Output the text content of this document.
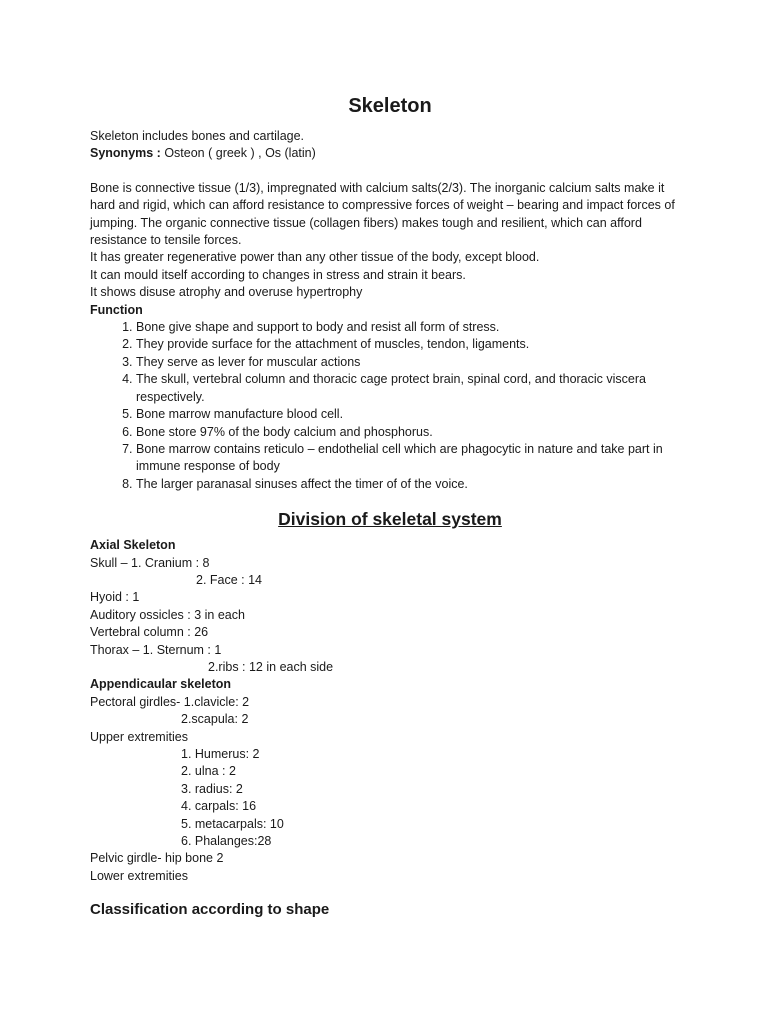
Skeleton

Skeleton includes bones and cartilage.

Synonyms : Osteon ( greek ) , Os (latin)

Bone is connective tissue (1/3), impregnated with calcium salts(2/3). The inorganic calcium salts make it hard and rigid, which can afford resistance to compressive forces of weight – bearing and impact forces of jumping. The organic connective tissue (collagen fibers) makes tough and resilient, which can afford resistance to tensile forces.

It has greater regenerative power than any other tissue of the body, except blood.

It can mould itself according to changes in stress and strain it bears.

It shows disuse atrophy and overuse hypertrophy

Function

1. Bone give shape and support to body and resist all form of stress.
2. They provide surface for the attachment of muscles, tendon, ligaments.
3. They serve as lever for muscular actions
4. The skull, vertebral column and thoracic cage protect brain, spinal cord, and thoracic viscera respectively.
5. Bone marrow manufacture blood cell.
6. Bone store 97% of the body calcium and phosphorus.
7. Bone marrow contains reticulo – endothelial cell which are phagocytic in nature and take part in immune response of body
8. The larger paranasal sinuses affect the timer of of the voice.
Division of skeletal system

Axial Skeleton

Skull – 1. Cranium : 8

2. Face : 14

Hyoid : 1

Auditory ossicles : 3 in each

Vertebral column : 26

Thorax – 1. Sternum : 1

2.ribs : 12 in each side

Appendicaular skeleton

Pectoral girdles- 1.clavicle: 2

2.scapula: 2

Upper extremities

1. Humerus: 2

2. ulna : 2

3. radius: 2

4. carpals: 16

5. metacarpals: 10

6. Phalanges:28

Pelvic girdle- hip bone 2

Lower extremities

Classification according to shape
